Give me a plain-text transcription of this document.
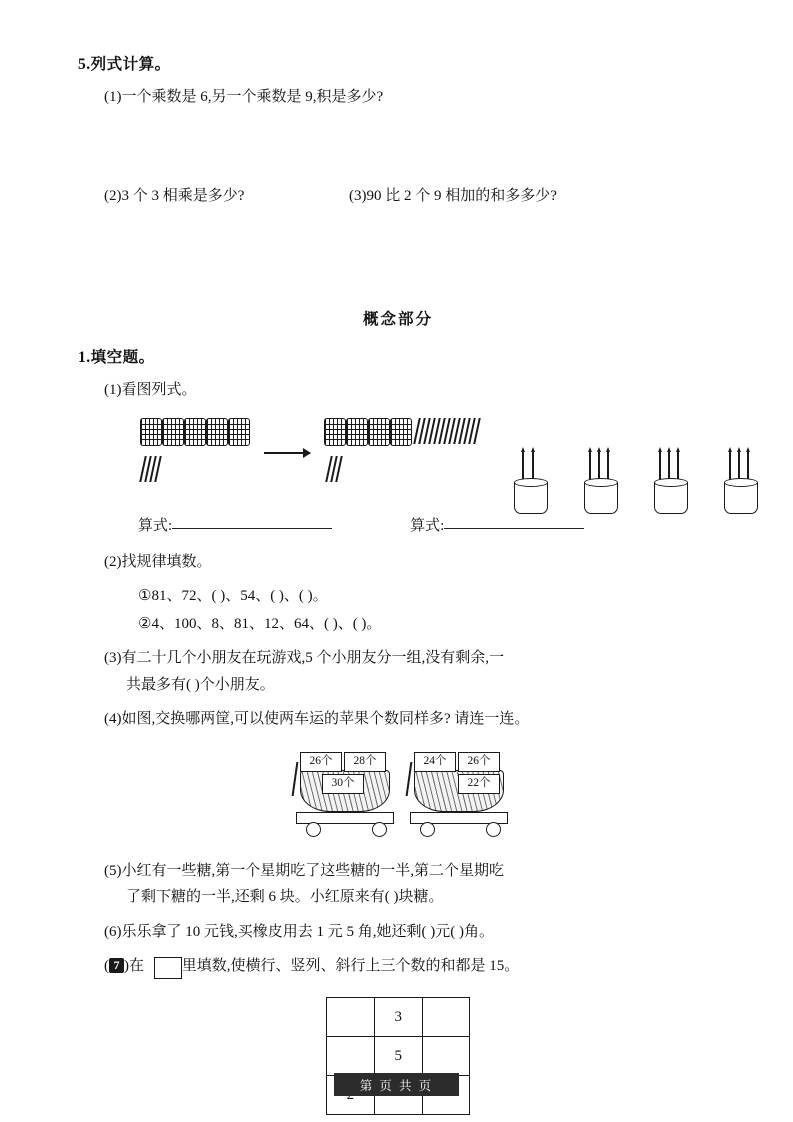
5.列式计算。
(1)一个乘数是 6,另一个乘数是 9,积是多少?
(2)3 个 3 相乘是多少?	(3)90 比 2 个 9 相加的和多多少?
概念部分
1.填空题。
(1)看图列式。
算式:	算式:
(2)找规律填数。
①81、72、( )、54、( )、( )。
②4、100、8、81、12、64、( )、( )。
(3)有二十几个小朋友在玩游戏,5 个小朋友分一组,没有剩余,一
共最多有( )个小朋友。
(4)如图,交换哪两筐,可以使两车运的苹果个数同样多? 请连一连。
26个	28个
30个
24个	26个
22个
(5)小红有一些糖,第一个星期吃了这些糖的一半,第二个星期吃
了剩下糖的一半,还剩 6 块。小红原来有( )块糖。
(6)乐乐拿了 10 元钱,买橡皮用去 1 元 5 角,她还剩( )元( )角。
( 7 )在	里填数,使横行、竖列、斜行上三个数的和都是 15。
	3	
	5	

第 页 共 页
